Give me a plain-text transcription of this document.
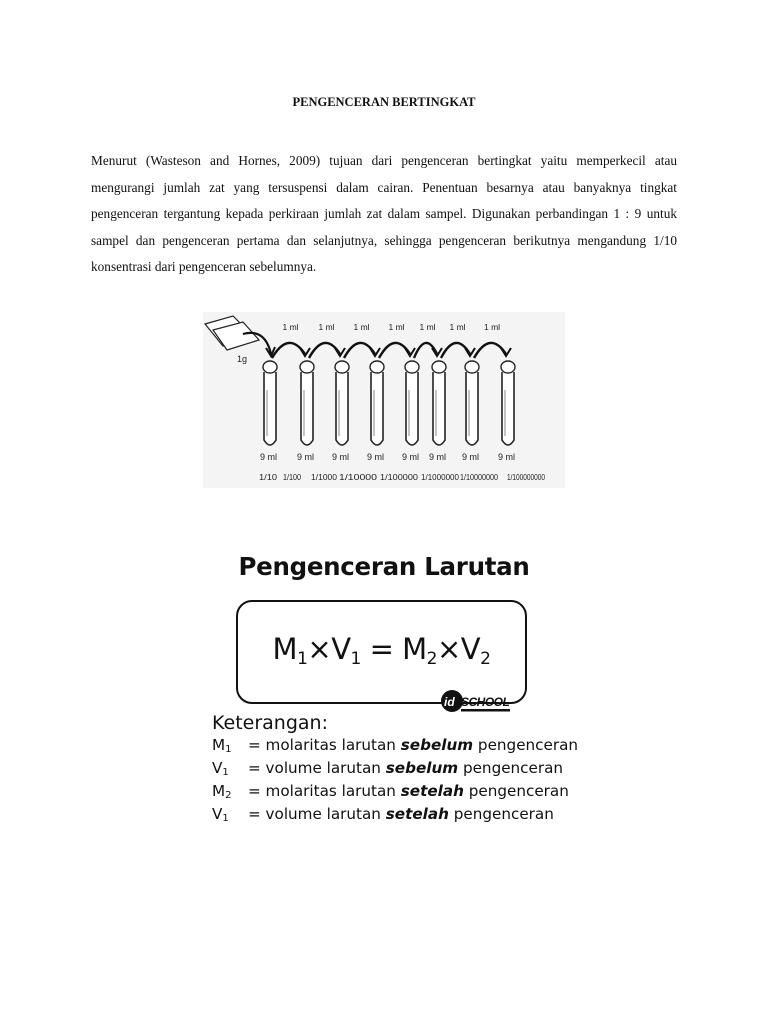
PENGENCERAN BERTINGKAT

Menurut (Wasteson and Hornes, 2009) tujuan dari pengenceran bertingkat yaitu memperkecil atau mengurangi jumlah zat yang tersuspensi dalam cairan. Penentuan besarnya atau banyaknya tingkat pengenceran tergantung kepada perkiraan jumlah zat dalam sampel. Digunakan perbandingan 1 : 9 untuk sampel dan pengenceran pertama dan selanjutnya, sehingga pengenceran berikutnya mengandung 1/10 konsentrasi dari pengenceran sebelumnya.

1 ml 1 ml 1 ml 1 ml 1 ml 1 ml 1 ml
1g
9 ml 9 ml 9 ml 9 ml 9 ml 9 ml 9 ml 9 ml
1/10 1/100 1/1000 1/10000 1/100000 1/1000000 1/10000000 1/100000000
Pengenceran Larutan
$M_1\times V_1 = M_2\times V_2$
id SCHOOL
Keterangan:
$M_1$ = molaritas larutan sebelum pengenceran
$V_1$ = volume larutan sebelum pengenceran
$M_2$ = molaritas larutan setelah pengenceran
$V_1$ = volume larutan setelah pengenceran
